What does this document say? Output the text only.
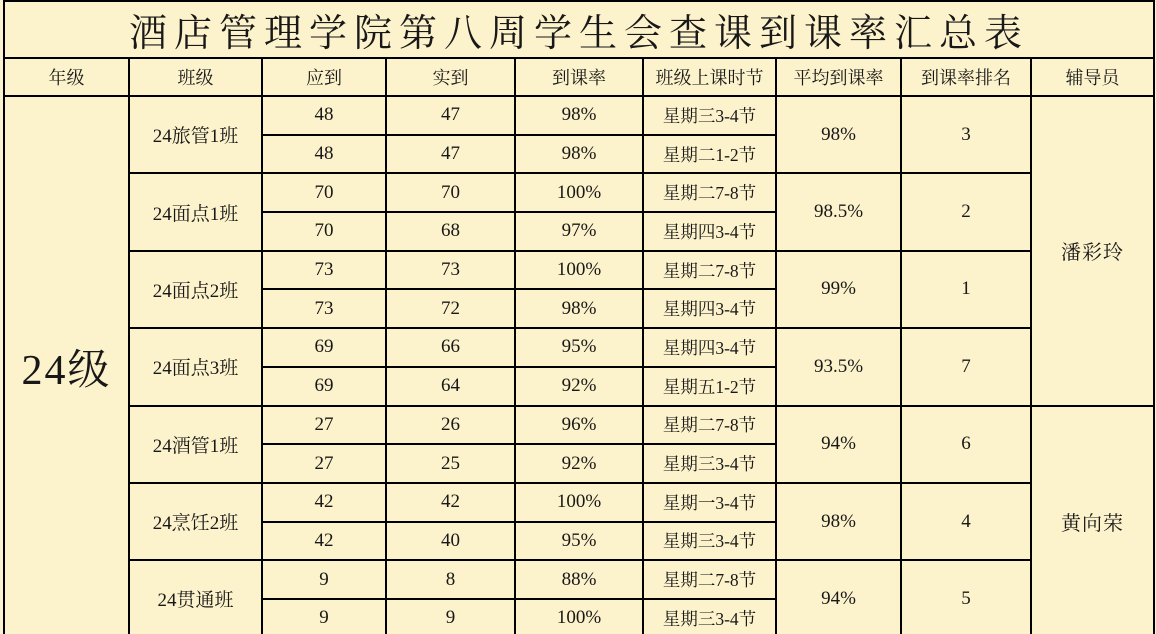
酒店管理学院第八周学生会查课到课率汇总表								
年级	班级	应到	实到	到课率	班级上课时节	平均到课率	到课率排名	辅导员
24级	24旅管1班	48	47	98%	星期三3-4节	98%	3	潘彩玲
		48	47	98%	星期二1-2节			
	24面点1班	70	70	100%	星期二7-8节	98.5%	2	
		70	68	97%	星期四3-4节			
	24面点2班	73	73	100%	星期二7-8节	99%	1	
		73	72	98%	星期四3-4节			
	24面点3班	69	66	95%	星期四3-4节	93.5%	7	
		69	64	92%	星期五1-2节			
	24酒管1班	27	26	96%	星期二7-8节	94%	6	黄向荣
		27	25	92%	星期三3-4节			
	24烹饪2班	42	42	100%	星期一3-4节	98%	4	
		42	40	95%	星期三3-4节			
	24贯通班	9	8	88%	星期二7-8节	94%	5	
		9	9	100%	星期三3-4节			
